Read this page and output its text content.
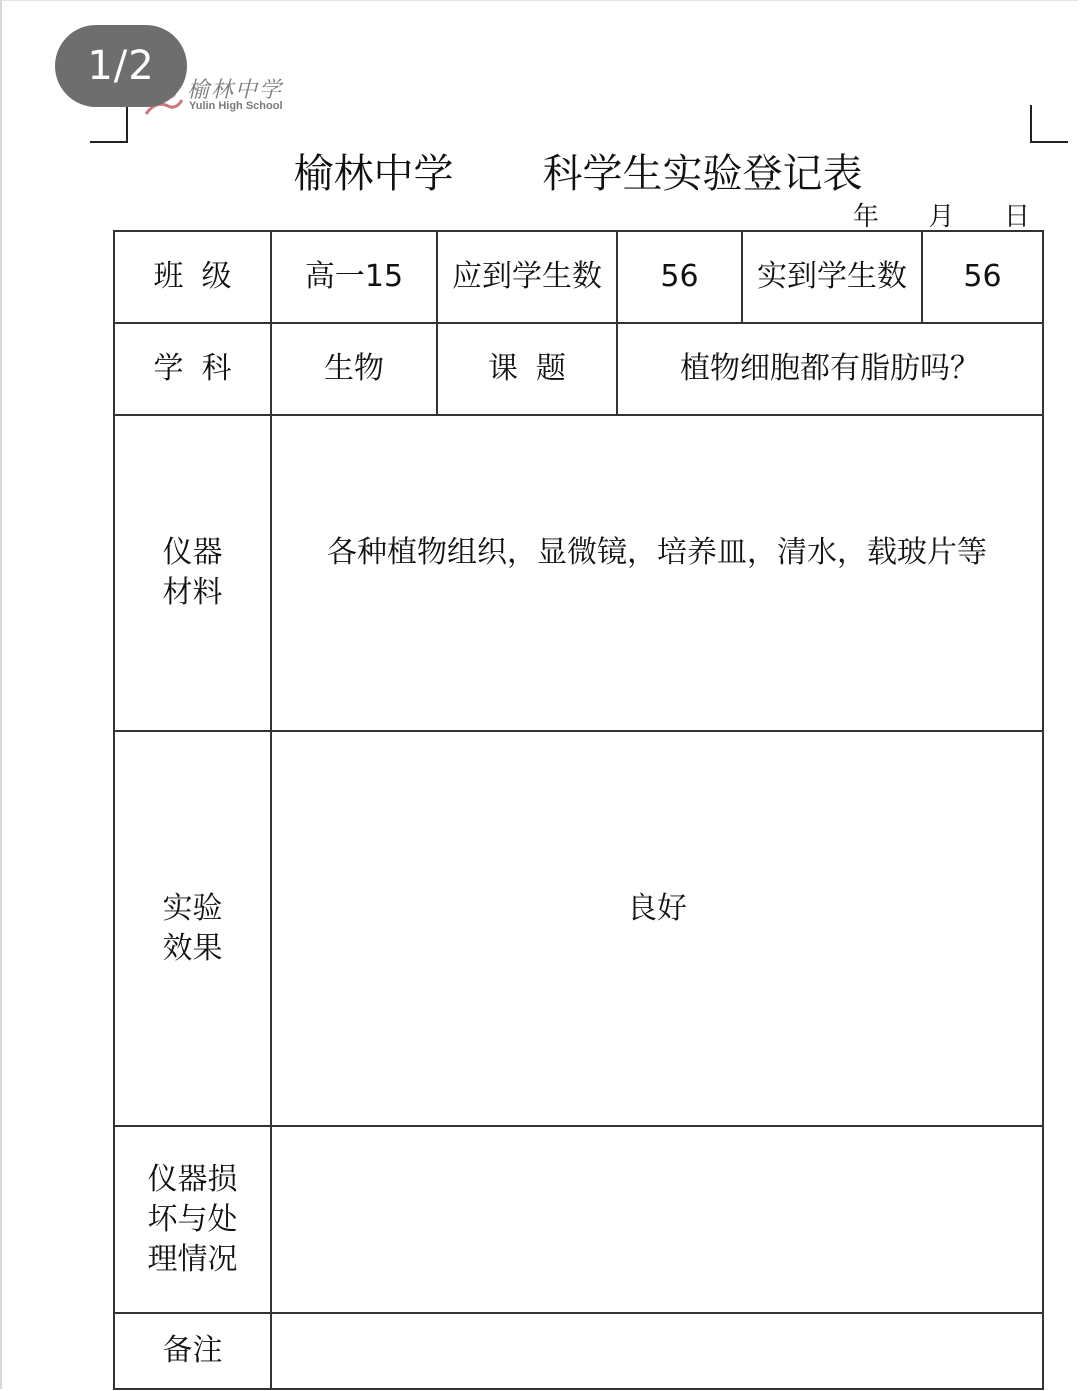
1/2
榆林中学
Yulin High School
榆林中学       科学生实验登记表
年      月      日
班级	高一15	应到学生数	56	实到学生数	56
学科	生物	课题	植物细胞都有脂肪吗？		
仪器材料	各种植物组织，显微镜，培养皿，清水，载玻片等				
实验效果	良好				
仪器损坏与处理情况					
备注					
